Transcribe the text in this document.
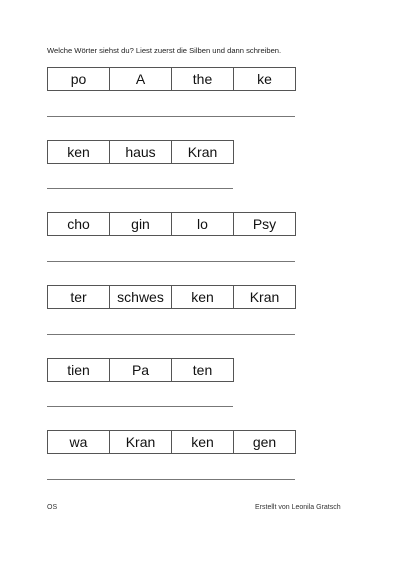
Welche Wörter siehst du? Liest zuerst die Silben und dann schreiben.
po	A	the	ke
ken	haus	Kran
cho	gin	lo	Psy
ter	schwes	ken	Kran
tien	Pa	ten
wa	Kran	ken	gen
OS	Erstellt von Leonila Gratsch
